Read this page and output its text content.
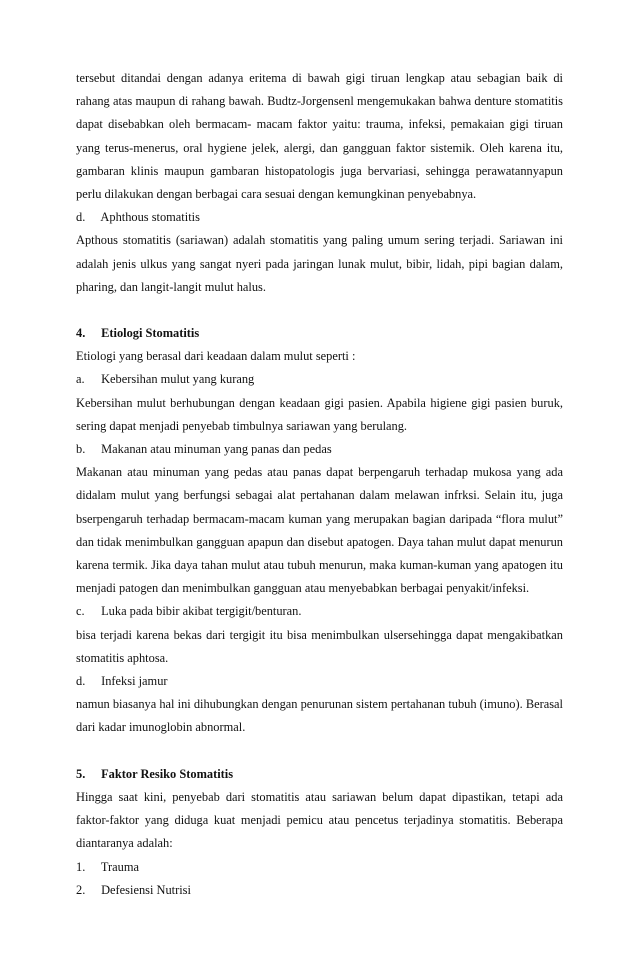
tersebut ditandai dengan adanya eritema di bawah gigi tiruan lengkap atau sebagian baik di rahang atas maupun di rahang bawah. Budtz-Jorgensenl mengemukakan bahwa denture stomatitis dapat disebabkan oleh bermacam- macam faktor yaitu: trauma, infeksi, pemakaian gigi tiruan yang terus-menerus, oral hygiene jelek, alergi, dan gangguan faktor sistemik. Oleh karena itu, gambaran klinis maupun gambaran histopatologis juga bervariasi, sehingga perawatannyapun perlu dilakukan dengan berbagai cara sesuai dengan kemungkinan penyebabnya.

d. Aphthous stomatitis

Apthous stomatitis (sariawan) adalah stomatitis yang paling umum sering terjadi. Sariawan ini adalah jenis ulkus yang sangat nyeri pada jaringan lunak mulut, bibir, lidah, pipi bagian dalam, pharing, dan langit-langit mulut halus.

4. Etiologi Stomatitis

Etiologi yang berasal dari keadaan dalam mulut seperti :

a. Kebersihan mulut yang kurang

Kebersihan mulut berhubungan dengan keadaan gigi pasien. Apabila higiene gigi pasien buruk, sering dapat menjadi penyebab timbulnya sariawan yang berulang.

b. Makanan atau minuman yang panas dan pedas

Makanan atau minuman yang pedas atau panas dapat berpengaruh terhadap mukosa yang ada didalam mulut yang berfungsi sebagai alat pertahanan dalam melawan infrksi. Selain itu, juga bserpengaruh terhadap bermacam-macam kuman yang merupakan bagian daripada “flora mulut” dan tidak menimbulkan gangguan apapun dan disebut apatogen. Daya tahan mulut dapat menurun karena termik. Jika daya tahan mulut atau tubuh menurun, maka kuman-kuman yang apatogen itu menjadi patogen dan menimbulkan gangguan atau menyebabkan berbagai penyakit/infeksi.

c. Luka pada bibir akibat tergigit/benturan.

bisa terjadi karena bekas dari tergigit itu bisa menimbulkan ulsersehingga dapat mengakibatkan stomatitis aphtosa.

d. Infeksi jamur

namun biasanya hal ini dihubungkan dengan penurunan sistem pertahanan tubuh (imuno). Berasal dari kadar imunoglobin abnormal.

5. Faktor Resiko Stomatitis

Hingga saat kini, penyebab dari stomatitis atau sariawan belum dapat dipastikan, tetapi ada faktor-faktor yang diduga kuat menjadi pemicu atau pencetus terjadinya stomatitis. Beberapa diantaranya adalah:

1. Trauma

2. Defesiensi Nutrisi
